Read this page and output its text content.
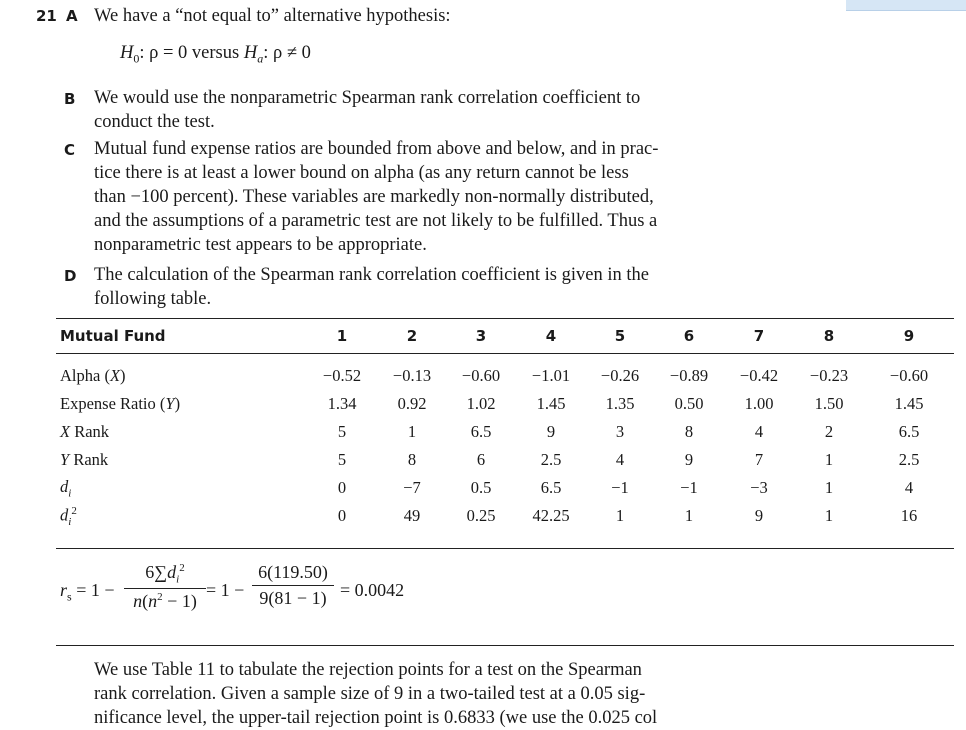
21 A We have a “not equal to” alternative hypothesis:
$H_0$: ρ = 0 versus $H_a$: ρ ≠ 0
B We would use the nonparametric Spearman rank correlation coefficient to
conduct the test.
C Mutual fund expense ratios are bounded from above and below, and in prac-
tice there is at least a lower bound on alpha (as any return cannot be less
than −100 percent). These variables are markedly non-normally distributed,
and the assumptions of a parametric test are not likely to be fulfilled. Thus a
nonparametric test appears to be appropriate.
D The calculation of the Spearman rank correlation coefficient is given in the
following table.
Mutual Fund	1	2	3	4	5	6	7	8	9
Alpha (X)	−0.52	−0.13	−0.60	−1.01	−0.26	−0.89	−0.42	−0.23	−0.60
Expense Ratio (Y)	1.34	0.92	1.02	1.45	1.35	0.50	1.00	1.50	1.45
X Rank	5	1	6.5	9	3	8	4	2	6.5
Y Rank	5	8	6	2.5	4	9	7	1	2.5
$d_i$	0	−7	0.5	6.5	−1	−1	−3	1	4
$d_i^2$	0	49	0.25	42.25	1	1	9	1	16
$r_s = 1$ −
$6\sum d_i^2$
$n(n^2 - 1)$
= 1 −
6(119.50)
9(81 − 1) = 0.0042
We use Table 11 to tabulate the rejection points for a test on the Spearman
rank correlation. Given a sample size of 9 in a two-tailed test at a 0.05 sig-
nificance level, the upper-tail rejection point is 0.6833 (we use the 0.025 col
